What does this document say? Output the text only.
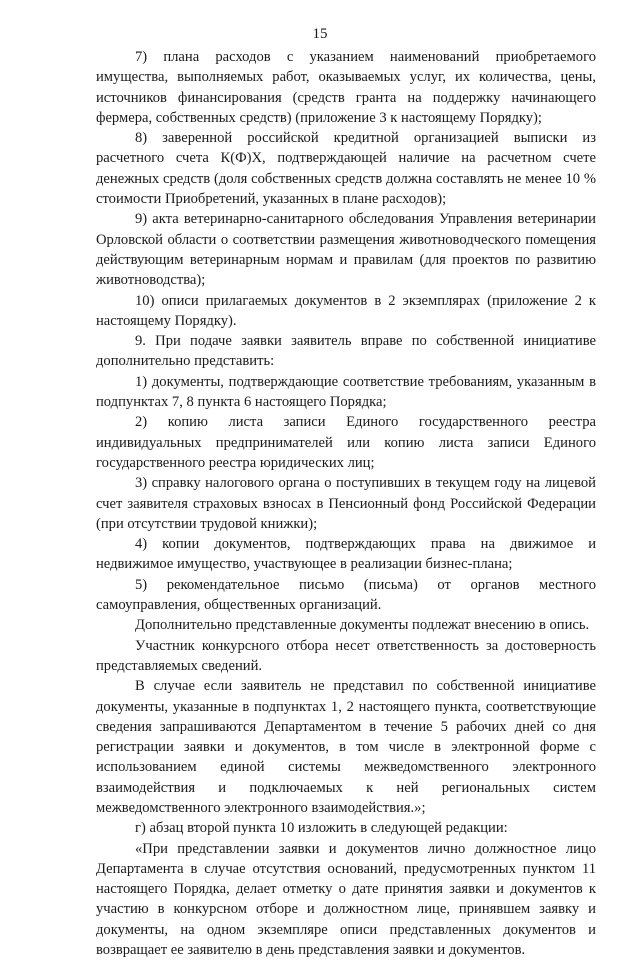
15

7) плана расходов с указанием наименований приобретаемого имущества, выполняемых работ, оказываемых услуг, их количества, цены, источников финансирования (средств гранта на поддержку начинающего фермера, собственных средств) (приложение 3 к настоящему Порядку);

8) заверенной российской кредитной организацией выписки из расчетного счета К(Ф)Х, подтверждающей наличие на расчетном счете денежных средств (доля собственных средств должна составлять не менее 10 % стоимости Приобретений, указанных в плане расходов);

9) акта ветеринарно-санитарного обследования Управления ветеринарии Орловской области о соответствии размещения животноводческого помещения действующим ветеринарным нормам и правилам (для проектов по развитию животноводства);

10) описи прилагаемых документов в 2 экземплярах (приложение 2 к настоящему Порядку).

9. При подаче заявки заявитель вправе по собственной инициативе дополнительно представить:

1) документы, подтверждающие соответствие требованиям, указанным в подпунктах 7, 8 пункта 6 настоящего Порядка;

2) копию листа записи Единого государственного реестра индивидуальных предпринимателей или копию листа записи Единого государственного реестра юридических лиц;

3) справку налогового органа о поступивших в текущем году на лицевой счет заявителя страховых взносах в Пенсионный фонд Российской Федерации (при отсутствии трудовой книжки);

4) копии документов, подтверждающих права на движимое и недвижимое имущество, участвующее в реализации бизнес-плана;

5) рекомендательное письмо (письма) от органов местного самоуправления, общественных организаций.

Дополнительно представленные документы подлежат внесению в опись.

Участник конкурсного отбора несет ответственность за достоверность представляемых сведений.

В случае если заявитель не представил по собственной инициативе документы, указанные в подпунктах 1, 2 настоящего пункта, соответствующие сведения запрашиваются Департаментом в течение 5 рабочих дней со дня регистрации заявки и документов, в том числе в электронной форме с использованием единой системы межведомственного электронного взаимодействия и подключаемых к ней региональных систем межведомственного электронного взаимодействия.»;

г) абзац второй пункта 10 изложить в следующей редакции:

«При представлении заявки и документов лично должностное лицо Департамента в случае отсутствия оснований, предусмотренных пунктом 11 настоящего Порядка, делает отметку о дате принятия заявки и документов к участию в конкурсном отборе и должностном лице, принявшем заявку и документы, на одном экземпляре описи представленных документов и возвращает ее заявителю в день представления заявки и документов.
